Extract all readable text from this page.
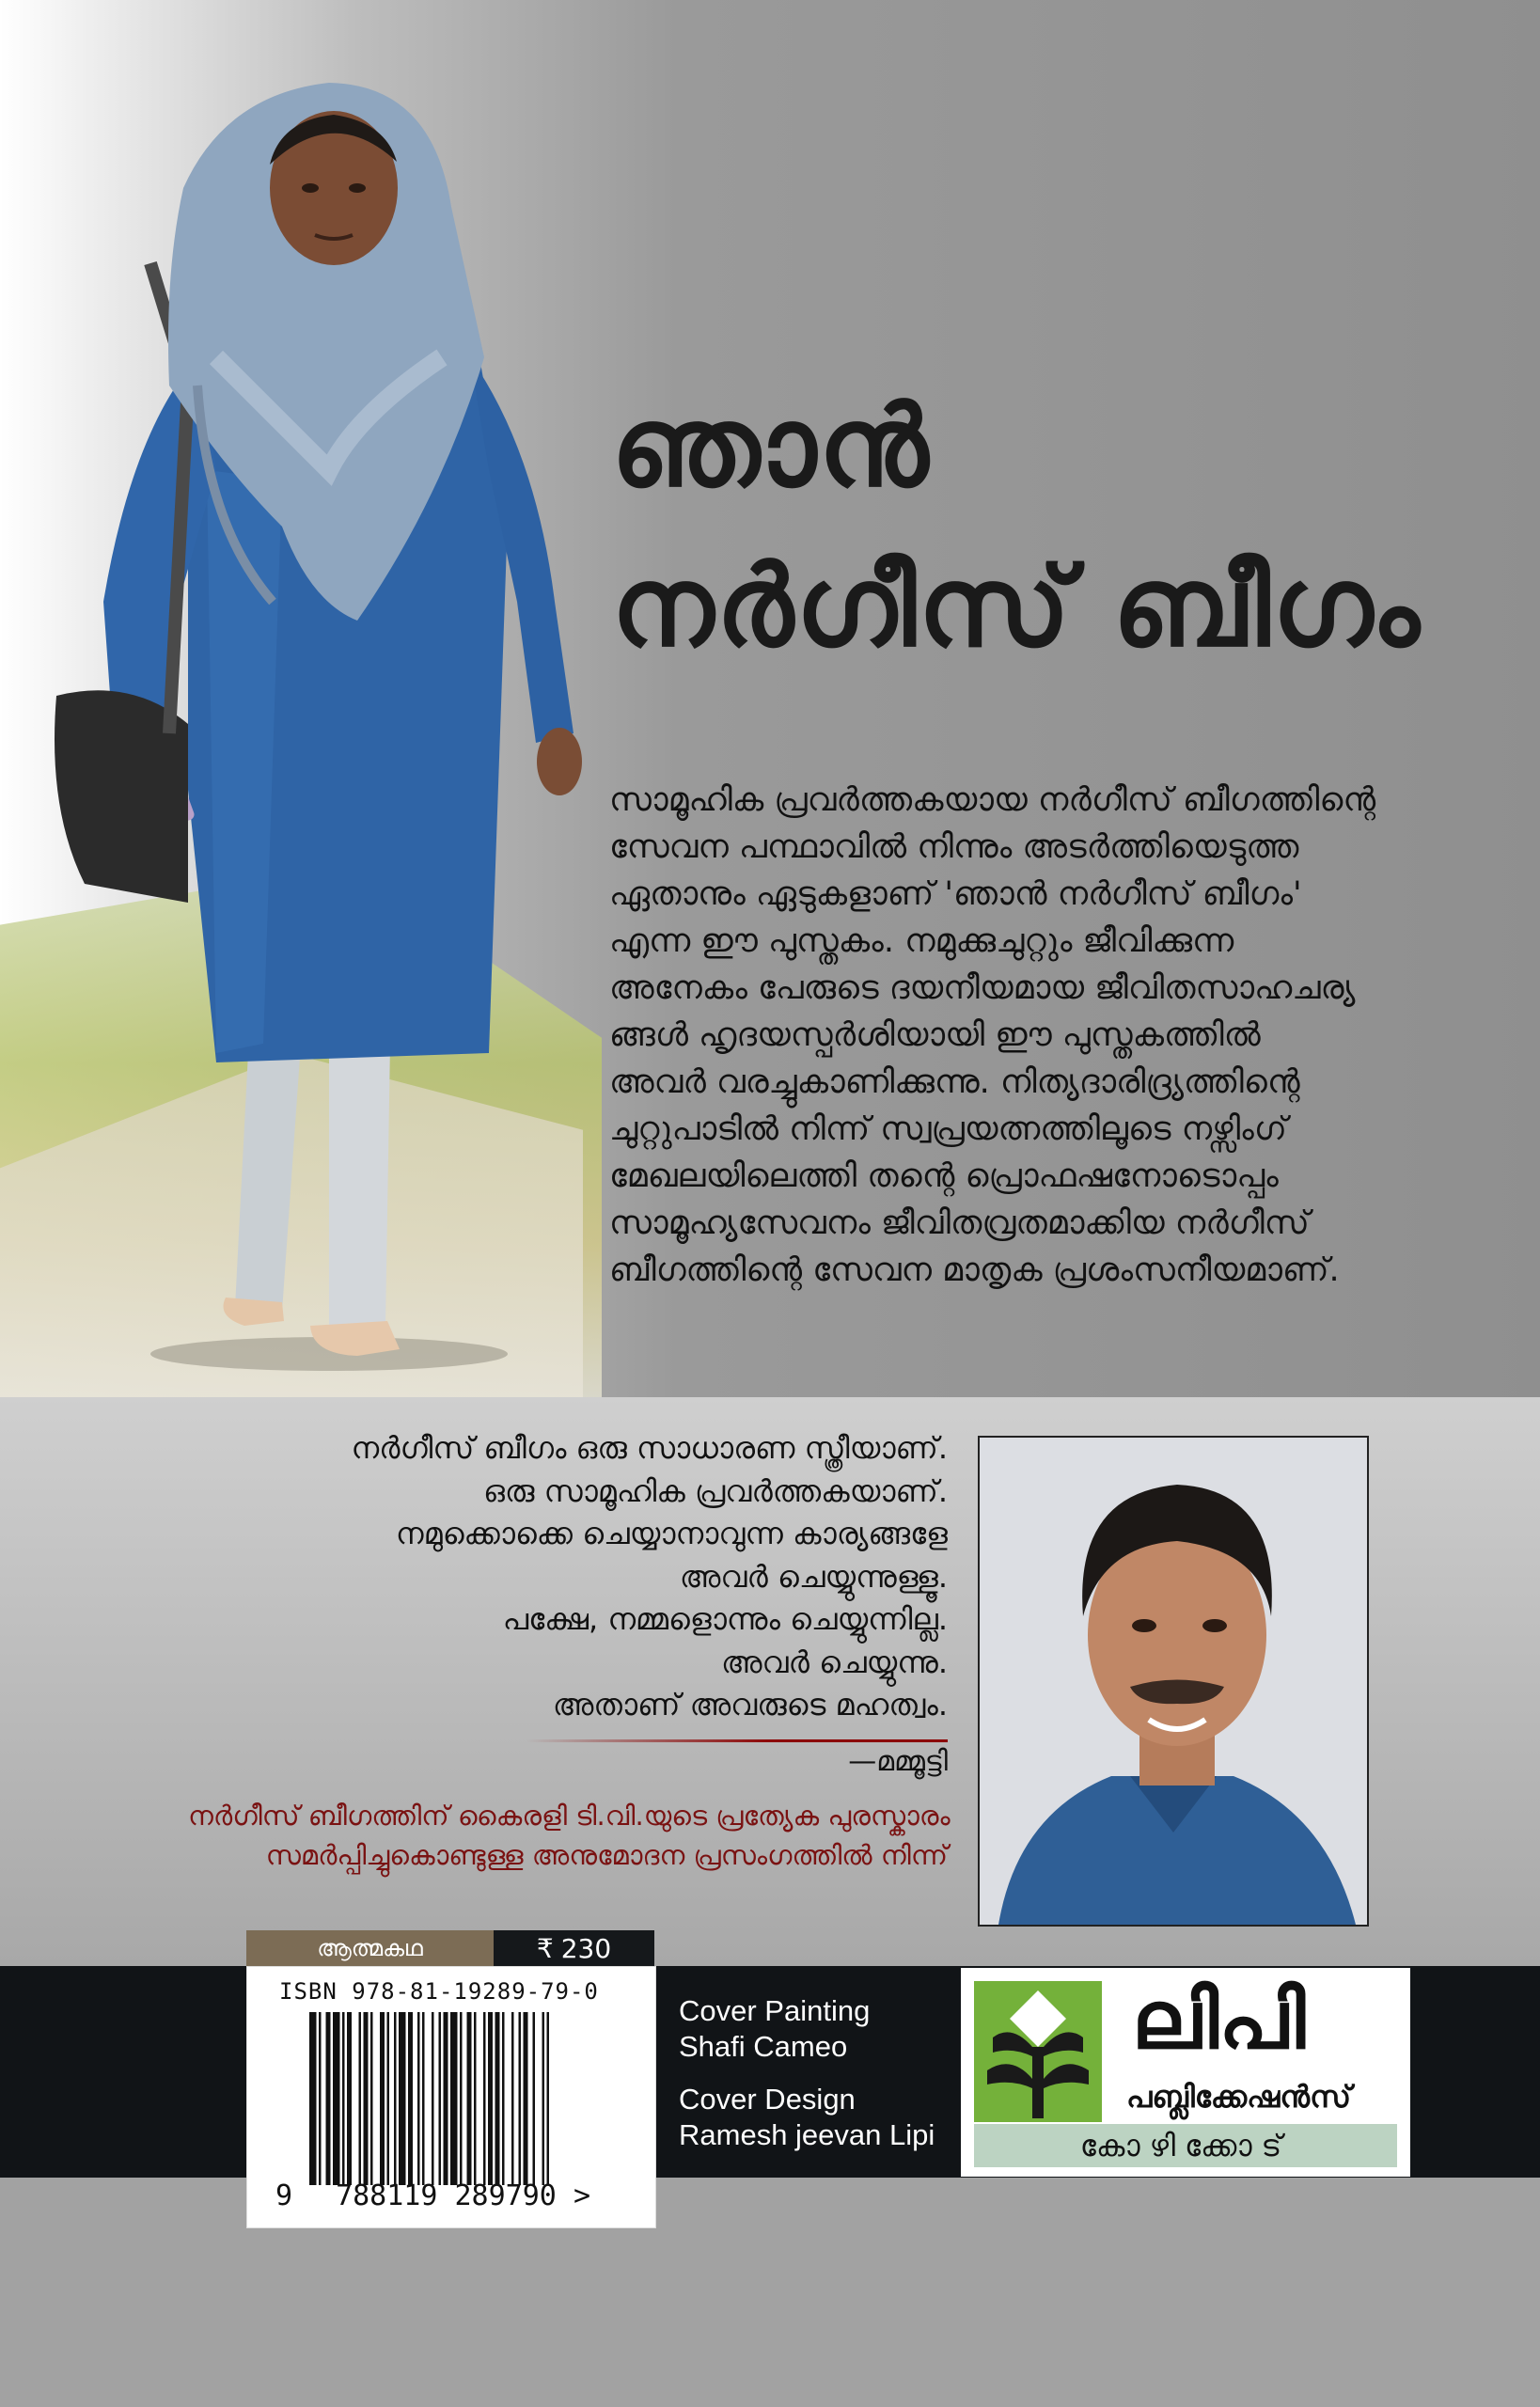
ഞാൻ
നർഗീസ് ബീഗം
സാമൂഹിക പ്രവർത്തകയായ നർഗീസ് ബീഗത്തിന്റെ
സേവന പന്ഥാവിൽ നിന്നും അടർത്തിയെടുത്ത
ഏതാനും ഏടുകളാണ് 'ഞാൻ നർഗീസ് ബീഗം'
എന്ന ഈ പുസ്തകം. നമുക്കുചുറ്റും ജീവിക്കുന്ന
അനേകം പേരുടെ ദയനീയമായ ജീവിതസാഹചര്യ
ങ്ങൾ ഹൃദയസ്പർശിയായി ഈ പുസ്തകത്തിൽ
അവർ വരച്ചുകാണിക്കുന്നു. നിത്യദാരിദ്ര്യത്തിന്റെ
ചുറ്റുപാടിൽ നിന്ന് സ്വപ്രയത്നത്തിലൂടെ നഴ്സിംഗ്
മേഖലയിലെത്തി തന്റെ പ്രൊഫഷനോടൊപ്പം
സാമൂഹ്യസേവനം ജീവിതവ്രതമാക്കിയ നർഗീസ്
ബീഗത്തിന്റെ സേവന മാതൃക പ്രശംസനീയമാണ്.
നർഗീസ് ബീഗം ഒരു സാധാരണ സ്ത്രീയാണ്.
ഒരു സാമൂഹിക പ്രവർത്തകയാണ്.
നമുക്കൊക്കെ ചെയ്യാനാവുന്ന കാര്യങ്ങളേ
അവർ ചെയ്യുന്നുള്ളൂ.
പക്ഷേ, നമ്മളൊന്നും ചെയ്യുന്നില്ല.
അവർ ചെയ്യുന്നു.
അതാണ് അവരുടെ മഹത്വം.
—മമ്മൂട്ടി
നർഗീസ് ബീഗത്തിന് കൈരളി ടി.വി.യുടെ പ്രത്യേക പുരസ്കാരം
സമർപ്പിച്ചുകൊണ്ടുള്ള അനുമോദന പ്രസംഗത്തിൽ നിന്ന്
ആത്മകഥ	₹ 230
ISBN 978-81-19289-79-0
9 788119 289790 >
Cover Painting
Shafi Cameo
Cover Design
Ramesh jeevan Lipi
ലിപി
പബ്ലിക്കേഷൻസ്
കോഴിക്കോട്
